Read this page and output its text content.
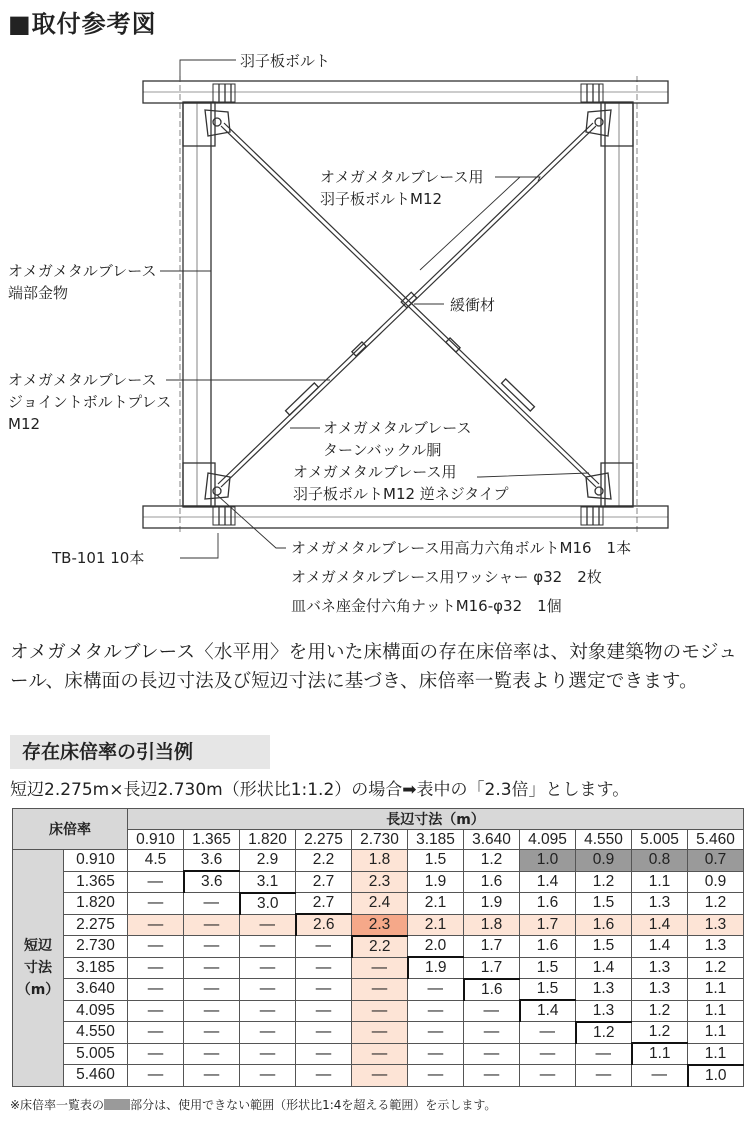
■取付参考図
羽子板ボルト
オメガメタルブレース用
羽子板ボルトM12
オメガメタルブレース
端部金物
緩衝材
オメガメタルブレース
ジョイントボルトプレス
M12	オメガメタルブレース
ターンバックル胴
オメガメタルブレース用
羽子板ボルトM12 逆ネジタイプ
TB-101 10本
オメガメタルブレース用高力六角ボルトM16　1本
オメガメタルブレース用ワッシャー φ32　2枚
皿バネ座金付六角ナットM16-φ32　1個
オメガメタルブレース〈水平用〉を用いた床構面の存在床倍率は、対象建築物のモジュール、床構面の長辺寸法及び短辺寸法に基づき、床倍率一覧表より選定できます。
存在床倍率の引当例
短辺2.275m×長辺2.730m（形状比1:1.2）の場合➡表中の「2.3倍」とします。
床倍率		長辺寸法（m）										
		0.910	1.365	1.820	2.275	2.730	3.185	3.640	4.095	4.550	5.005	5.460

短辺
寸法
（m）	0.910	4.5	3.6	2.9	2.2	1.8	1.5	1.2	1.0	0.9	0.8	0.7
	1.365	—	3.6	3.1	2.7	2.3	1.9	1.6	1.4	1.2	1.1	0.9
	1.820	—	—	3.0	2.7	2.4	2.1	1.9	1.6	1.5	1.3	1.2
	2.275	—	—	—	2.6	2.3	2.1	1.8	1.7	1.6	1.4	1.3
	2.730	—	—	—	—	2.2	2.0	1.7	1.6	1.5	1.4	1.3
	3.185	—	—	—	—	—	1.9	1.7	1.5	1.4	1.3	1.2
	3.640	—	—	—	—	—	—	1.6	1.5	1.3	1.3	1.1
	4.095	—	—	—	—	—	—	—	1.4	1.3	1.2	1.1
	4.550	—	—	—	—	—	—	—	—	1.2	1.2	1.1
	5.005	—	—	—	—	—	—	—	—	—	1.1	1.1
	5.460	—	—	—	—	—	—	—	—	—	—	1.0
※床倍率一覧表の 部分は、使用できない範囲（形状比1:4を超える範囲）を示します。
